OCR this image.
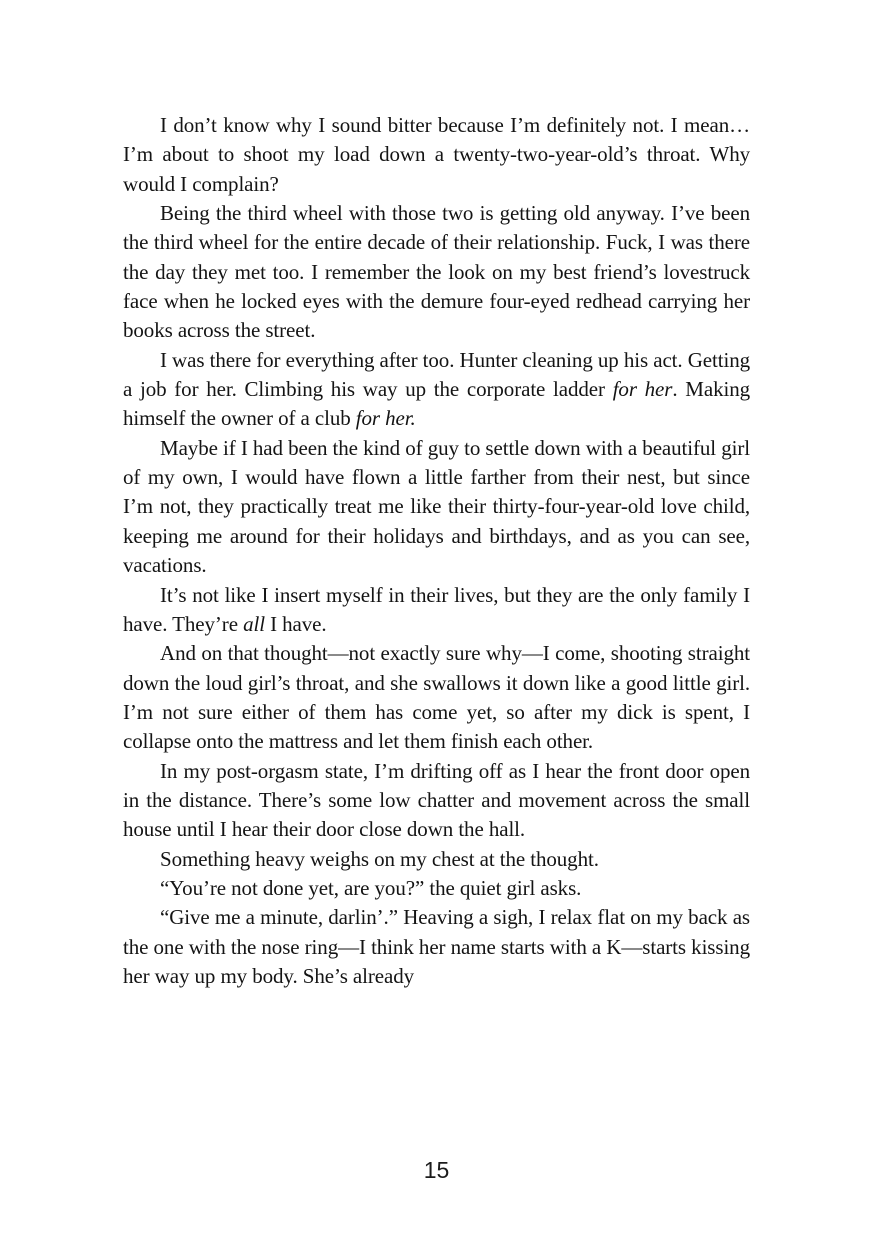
I don’t know why I sound bitter because I’m definitely not. I mean…I’m about to shoot my load down a twenty-two-year-old’s throat. Why would I complain?

Being the third wheel with those two is getting old anyway. I’ve been the third wheel for the entire decade of their relationship. Fuck, I was there the day they met too. I remember the look on my best friend’s lovestruck face when he locked eyes with the demure four-eyed redhead carrying her books across the street.

I was there for everything after too. Hunter cleaning up his act. Getting a job for her. Climbing his way up the corporate ladder for her. Making himself the owner of a club for her.

Maybe if I had been the kind of guy to settle down with a beautiful girl of my own, I would have flown a little farther from their nest, but since I’m not, they practically treat me like their thirty-four-year-old love child, keeping me around for their holidays and birthdays, and as you can see, vacations.

It’s not like I insert myself in their lives, but they are the only family I have. They’re all I have.

And on that thought—not exactly sure why—I come, shooting straight down the loud girl’s throat, and she swallows it down like a good little girl. I’m not sure either of them has come yet, so after my dick is spent, I collapse onto the mattress and let them finish each other.

In my post-orgasm state, I’m drifting off as I hear the front door open in the distance. There’s some low chatter and movement across the small house until I hear their door close down the hall.

Something heavy weighs on my chest at the thought.

“You’re not done yet, are you?” the quiet girl asks.

“Give me a minute, darlin’.” Heaving a sigh, I relax flat on my back as the one with the nose ring—I think her name starts with a K—starts kissing her way up my body. She’s already

15
